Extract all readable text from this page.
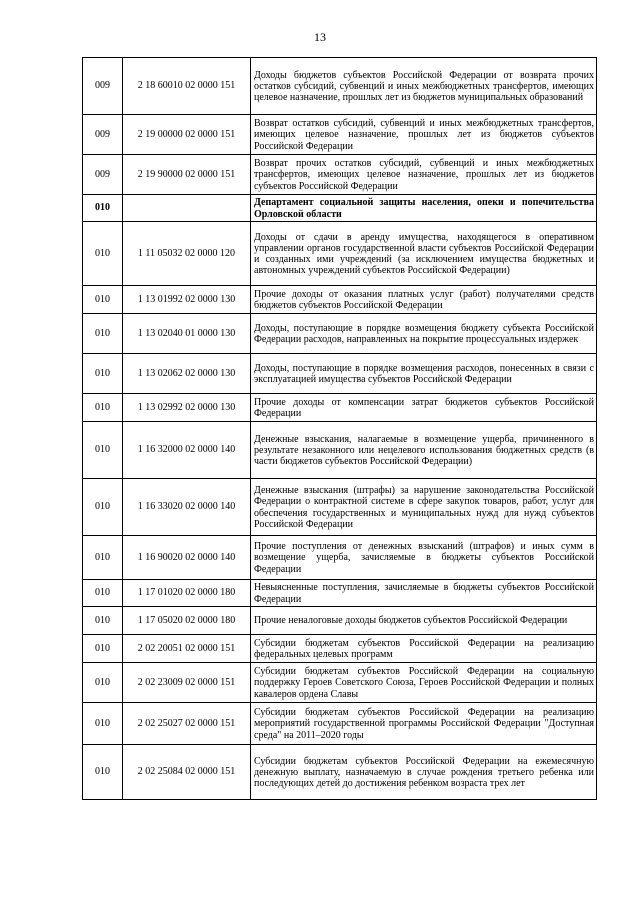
13
009	2 18 60010 02 0000 151	Доходы бюджетов субъектов Российской Федерации от возврата прочих остатков субсидий, субвенций и иных межбюджетных трансфертов, имеющих целевое назначение, прошлых лет из бюджетов муниципальных образований
009	2 19 00000 02 0000 151	Возврат остатков субсидий, субвенций и иных межбюджетных трансфертов, имеющих целевое назначение, прошлых лет из бюджетов субъектов Российской Федерации
009	2 19 90000 02 0000 151	Возврат прочих остатков субсидий, субвенций и иных межбюджетных трансфертов, имеющих целевое назначение, прошлых лет из бюджетов субъектов Российской Федерации
010		Департамент социальной защиты населения, опеки и попечительства Орловской области
010	1 11 05032 02 0000 120	Доходы от сдачи в аренду имущества, находящегося в оперативном управлении органов государственной власти субъектов Российской Федерации и созданных ими учреждений (за исключением имущества бюджетных и автономных учреждений субъектов Российской Федерации)
010	1 13 01992 02 0000 130	Прочие доходы от оказания платных услуг (работ) получателями средств бюджетов субъектов Российской Федерации
010	1 13 02040 01 0000 130	Доходы, поступающие в порядке возмещения бюджету субъекта Российской Федерации расходов, направленных на покрытие процессуальных издержек
010	1 13 02062 02 0000 130	Доходы, поступающие в порядке возмещения расходов, понесенных в связи с эксплуатацией имущества субъектов Российской Федерации
010	1 13 02992 02 0000 130	Прочие доходы от компенсации затрат бюджетов субъектов Российской Федерации
010	1 16 32000 02 0000 140	Денежные взыскания, налагаемые в возмещение ущерба, причиненного в результате незаконного или нецелевого использования бюджетных средств (в части бюджетов субъектов Российской Федерации)
010	1 16 33020 02 0000 140	Денежные взыскания (штрафы) за нарушение законодательства Российской Федерации о контрактной системе в сфере закупок товаров, работ, услуг для обеспечения государственных и муниципальных нужд для нужд субъектов Российской Федерации
010	1 16 90020 02 0000 140	Прочие поступления от денежных взысканий (штрафов) и иных сумм в возмещение ущерба, зачисляемые в бюджеты субъектов Российской Федерации
010	1 17 01020 02 0000 180	Невыясненные поступления, зачисляемые в бюджеты субъектов Российской Федерации
010	1 17 05020 02 0000 180	Прочие неналоговые доходы бюджетов субъектов Российской Федерации
010	2 02 20051 02 0000 151	Субсидии бюджетам субъектов Российской Федерации на реализацию федеральных целевых программ
010	2 02 23009 02 0000 151	Субсидии бюджетам субъектов Российской Федерации на социальную поддержку Героев Советского Союза, Героев Российской Федерации и полных кавалеров ордена Славы
010	2 02 25027 02 0000 151	Субсидии бюджетам субъектов Российской Федерации на реализацию мероприятий государственной программы Российской Федерации "Доступная среда" на 2011–2020 годы
010	2 02 25084 02 0000 151	Субсидии бюджетам субъектов Российской Федерации на ежемесячную денежную выплату, назначаемую в случае рождения третьего ребенка или последующих детей до достижения ребенком возраста трех лет
